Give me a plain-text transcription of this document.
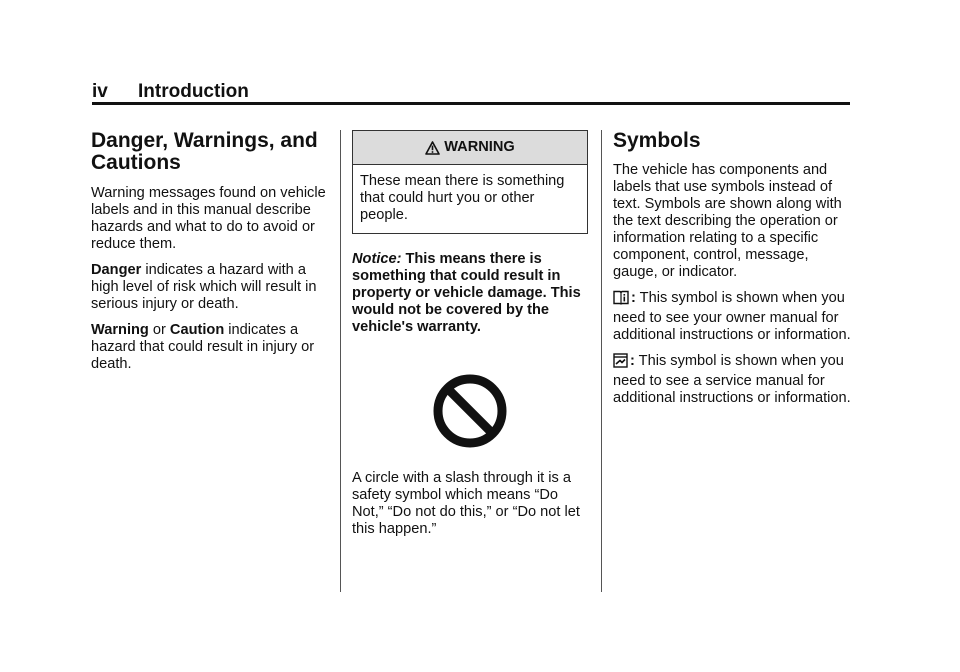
iv Introduction
Danger, Warnings, and Cautions

Warning messages found on vehicle labels and in this manual describe hazards and what to do to avoid or reduce them.

Danger indicates a hazard with a high level of risk which will result in serious injury or death.

Warning or Caution indicates a hazard that could result in injury or death.

WARNING
These mean there is something that could hurt you or other people.

Notice: This means there is something that could result in property or vehicle damage. This would not be covered by the vehicle's warranty.

A circle with a slash through it is a safety symbol which means “Do Not,” “Do not do this,” or “Do not let this happen.”

Symbols

The vehicle has components and labels that use symbols instead of text. Symbols are shown along with the text describing the operation or information relating to a specific component, control, message, gauge, or indicator.

: This symbol is shown when you need to see your owner manual for additional instructions or information.

: This symbol is shown when you need to see a service manual for additional instructions or information.
